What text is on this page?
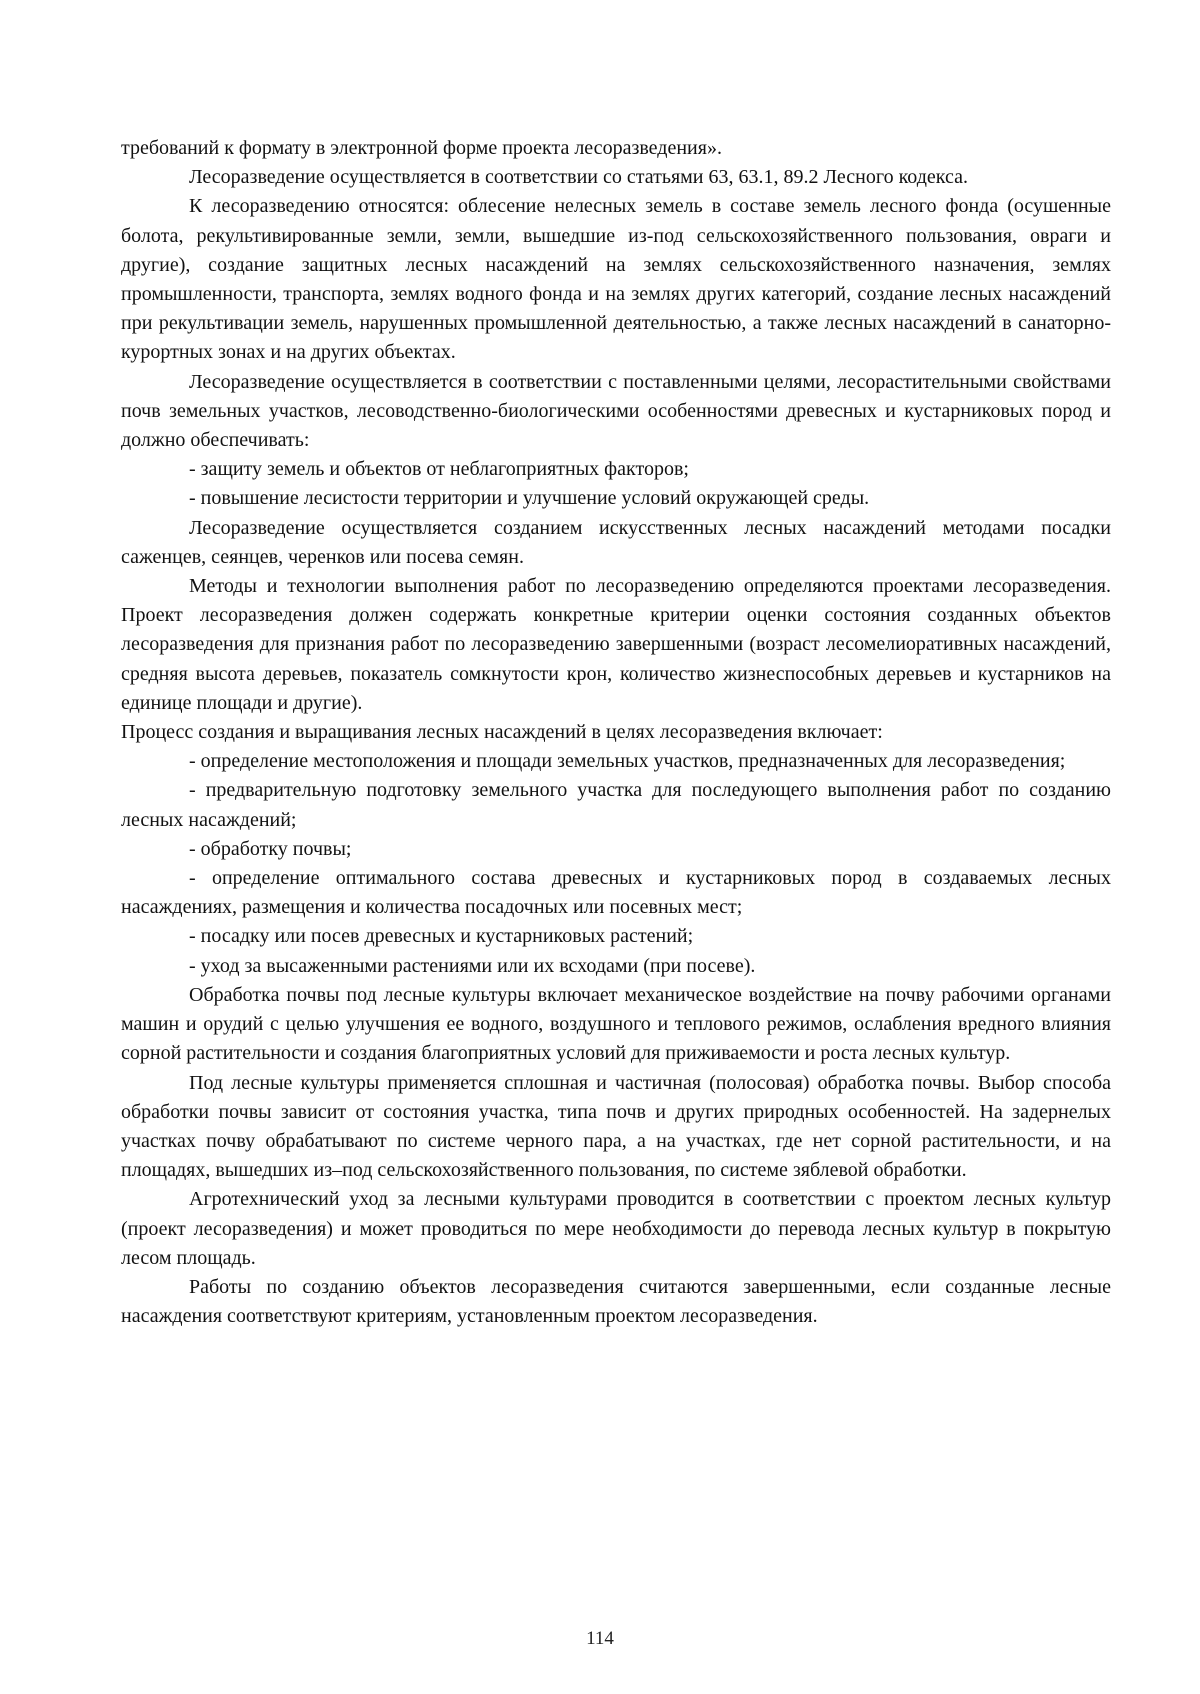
требований к формату в электронной форме проекта лесоразведения».

Лесоразведение осуществляется в соответствии со статьями 63, 63.1, 89.2 Лесного кодекса.

К лесоразведению относятся: облесение нелесных земель в составе земель лесного фонда (осушенные болота, рекультивированные земли, земли, вышедшие из-под сельскохозяйственного пользования, овраги и другие), создание защитных лесных насаждений на землях сельскохозяйственного назначения, землях промышленности, транспорта, землях водного фонда и на землях других категорий, создание лесных насаждений при рекультивации земель, нарушенных промышленной деятельностью, а также лесных насаждений в санаторно-курортных зонах и на других объектах.

Лесоразведение осуществляется в соответствии с поставленными целями, лесорастительными свойствами почв земельных участков, лесоводственно-биологическими особенностями древесных и кустарниковых пород и должно обеспечивать:

- защиту земель и объектов от неблагоприятных факторов;

- повышение лесистости территории и улучшение условий окружающей среды.

Лесоразведение осуществляется созданием искусственных лесных насаждений методами посадки саженцев, сеянцев, черенков или посева семян.

Методы и технологии выполнения работ по лесоразведению определяются проектами лесоразведения. Проект лесоразведения должен содержать конкретные критерии оценки состояния созданных объектов лесоразведения для признания работ по лесоразведению завершенными (возраст лесомелиоративных насаждений, средняя высота деревьев, показатель сомкнутости крон, количество жизнеспособных деревьев и кустарников на единице площади и другие).

Процесс создания и выращивания лесных насаждений в целях лесоразведения включает:

- определение местоположения и площади земельных участков, предназначенных для лесоразведения;

- предварительную подготовку земельного участка для последующего выполнения работ по созданию лесных насаждений;

- обработку почвы;

- определение оптимального состава древесных и кустарниковых пород в создаваемых лесных насаждениях, размещения и количества посадочных или посевных мест;

- посадку или посев древесных и кустарниковых растений;

- уход за высаженными растениями или их всходами (при посеве).

Обработка почвы под лесные культуры включает механическое воздействие на почву рабочими органами машин и орудий с целью улучшения ее водного, воздушного и теплового режимов, ослабления вредного влияния сорной растительности и создания благоприятных условий для приживаемости и роста лесных культур.

Под лесные культуры применяется сплошная и частичная (полосовая) обработка почвы. Выбор способа обработки почвы зависит от состояния участка, типа почв и других природных особенностей. На задернелых участках почву обрабатывают по системе черного пара, а на участках, где нет сорной растительности, и на площадях, вышедших из–под сельскохозяйственного пользования, по системе зяблевой обработки.

Агротехнический уход за лесными культурами проводится в соответствии с проектом лесных культур (проект лесоразведения) и может проводиться по мере необходимости до перевода лесных культур в покрытую лесом площадь.

Работы по созданию объектов лесоразведения считаются завершенными, если созданные лесные насаждения соответствуют критериям, установленным проектом лесоразведения.

114
